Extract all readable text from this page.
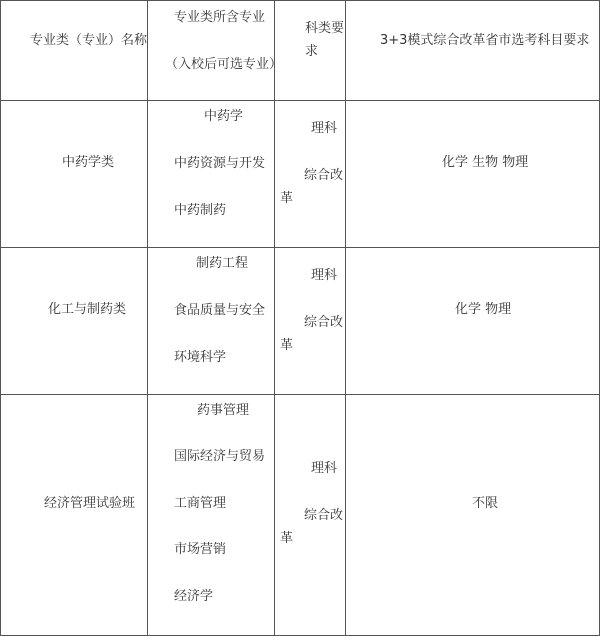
专业类（专业）名称
专业类所含专业
（入校后可选专业）
科类要
求
3+3模式综合改革省市选考科目要求
中药学类
中药学
中药资源与开发
中药制药
理科
综合改
革
化学 生物 物理
化工与制药类
制药工程
食品质量与安全
环境科学
理科
综合改
革
化学 物理
经济管理试验班
药事管理
国际经济与贸易
工商管理
市场营销
经济学
理科
综合改
革
不限
